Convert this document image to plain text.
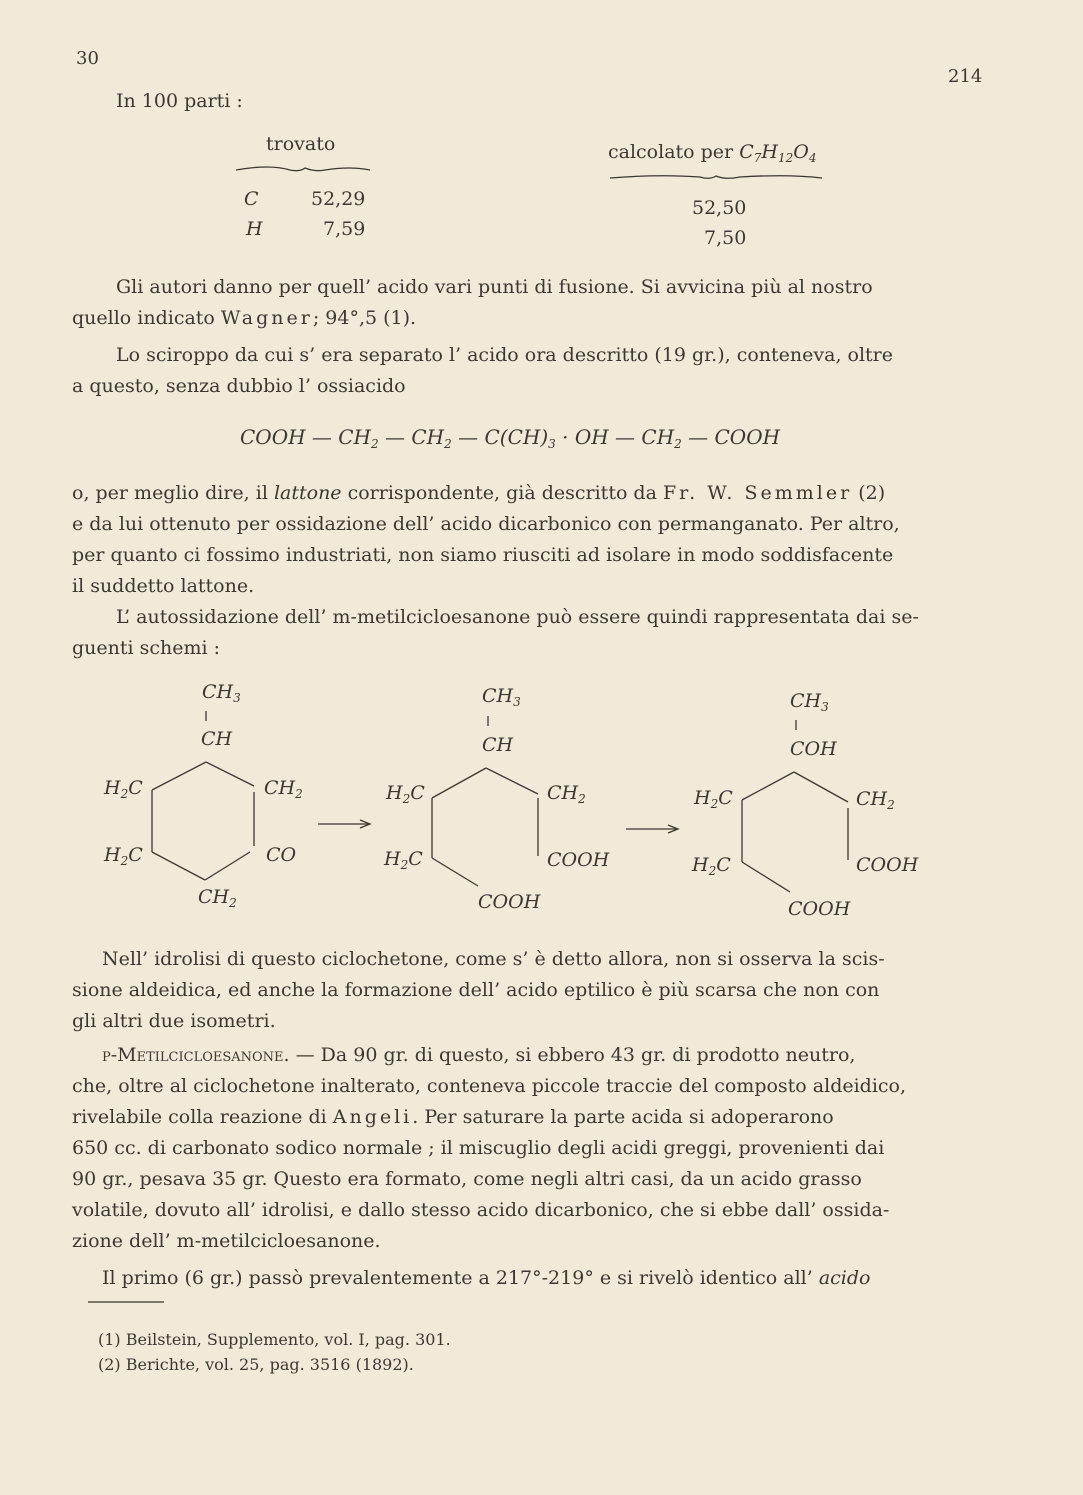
30
214
In 100 parti :
trovato	calcolato per $C_7H_{12}O_4$
C	52,29	52,50
H	7,59	7,50
Gli autori danno per quell’ acido vari punti di fusione. Si avvicina più al nostro
quello indicato Wagner; 94°,5 (1).
Lo sciroppo da cui s’ era separato l’ acido ora descritto (19 gr.), conteneva, oltre
a questo, senza dubbio l’ ossiacido
COOH — $CH_2$ — $CH_2$ — $C(CH)_3$ · OH — $CH_2$ — COOH
o, per meglio dire, il lattone corrispondente, già descritto da Fr. W. Semmler (2)
e da lui ottenuto per ossidazione dell’ acido dicarbonico con permanganato. Per altro,
per quanto ci fossimo industriati, non siamo riusciti ad isolare in modo soddisfacente
il suddetto lattone.
L’ autossidazione dell’ m-metilcicloesanone può essere quindi rappresentata dai se-
guenti schemi :
$CH_3$
CH
$H_2C$	$CH_2$
$H_2C$	CO
$CH_2$
$CH_3$
CH
$H_2C$	$CH_2$
$H_2C$	COOH
COOH
$CH_3$
COH
$H_2C$	$CH_2$
$H_2C$	COOH
COOH
Nell’ idrolisi di questo ciclochetone, come s’ è detto allora, non si osserva la scis-
sione aldeidica, ed anche la formazione dell’ acido eptilico è più scarsa che non con
gli altri due isometri.
p-Metilcicloesanone. — Da 90 gr. di questo, si ebbero 43 gr. di prodotto neutro,
che, oltre al ciclochetone inalterato, conteneva piccole traccie del composto aldeidico,
rivelabile colla reazione di Angeli. Per saturare la parte acida si adoperarono
650 cc. di carbonato sodico normale ; il miscuglio degli acidi greggi, provenienti dai
90 gr., pesava 35 gr. Questo era formato, come negli altri casi, da un acido grasso
volatile, dovuto all’ idrolisi, e dallo stesso acido dicarbonico, che si ebbe dall’ ossida-
zione dell’ m-metilcicloesanone.
Il primo (6 gr.) passò prevalentemente a 217°-219° e si rivelò identico all’ acido
(1) Beilstein, Supplemento, vol. I, pag. 301.
(2) Berichte, vol. 25, pag. 3516 (1892).
